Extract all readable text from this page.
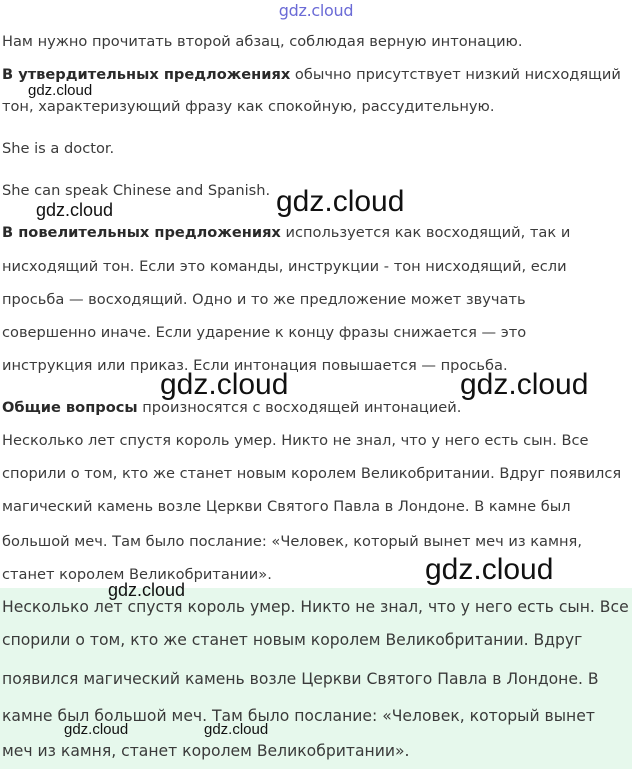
gdz.cloud
Нам нужно прочитать второй абзац, соблюдая верную интонацию.
В утвердительных предложениях обычно присутствует низкий нисходящий
тон, характеризующий фразу как спокойную, рассудительную.
She is a doctor.
She can speak Chinese and Spanish.
В повелительных предложениях используется как восходящий, так и
нисходящий тон. Если это команды, инструкции - тон нисходящий, если
просьба — восходящий. Одно и то же предложение может звучать
совершенно иначе. Если ударение к концу фразы снижается — это
инструкция или приказ. Если интонация повышается — просьба.
Общие вопросы произносятся с восходящей интонацией.
Несколько лет спустя король умер. Никто не знал, что у него есть сын. Все
спорили о том, кто же станет новым королем Великобритании. Вдруг появился
магический камень возле Церкви Святого Павла в Лондоне. В камне был
большой меч. Там было послание: «Человек, который вынет меч из камня,
станет королем Великобритании».
Несколько лет спустя король умер. Никто не знал, что у него есть сын. Все
спорили о том, кто же станет новым королем Великобритании. Вдруг
появился магический камень возле Церкви Святого Павла в Лондоне. В
камне был большой меч. Там было послание: «Человек, который вынет
меч из камня, станет королем Великобритании».
gdz.cloud
gdz.cloud	gdz.cloud
gdz.cloud	gdz.cloud
gdz.cloud
gdz.cloud
gdz.cloud	gdz.cloud
